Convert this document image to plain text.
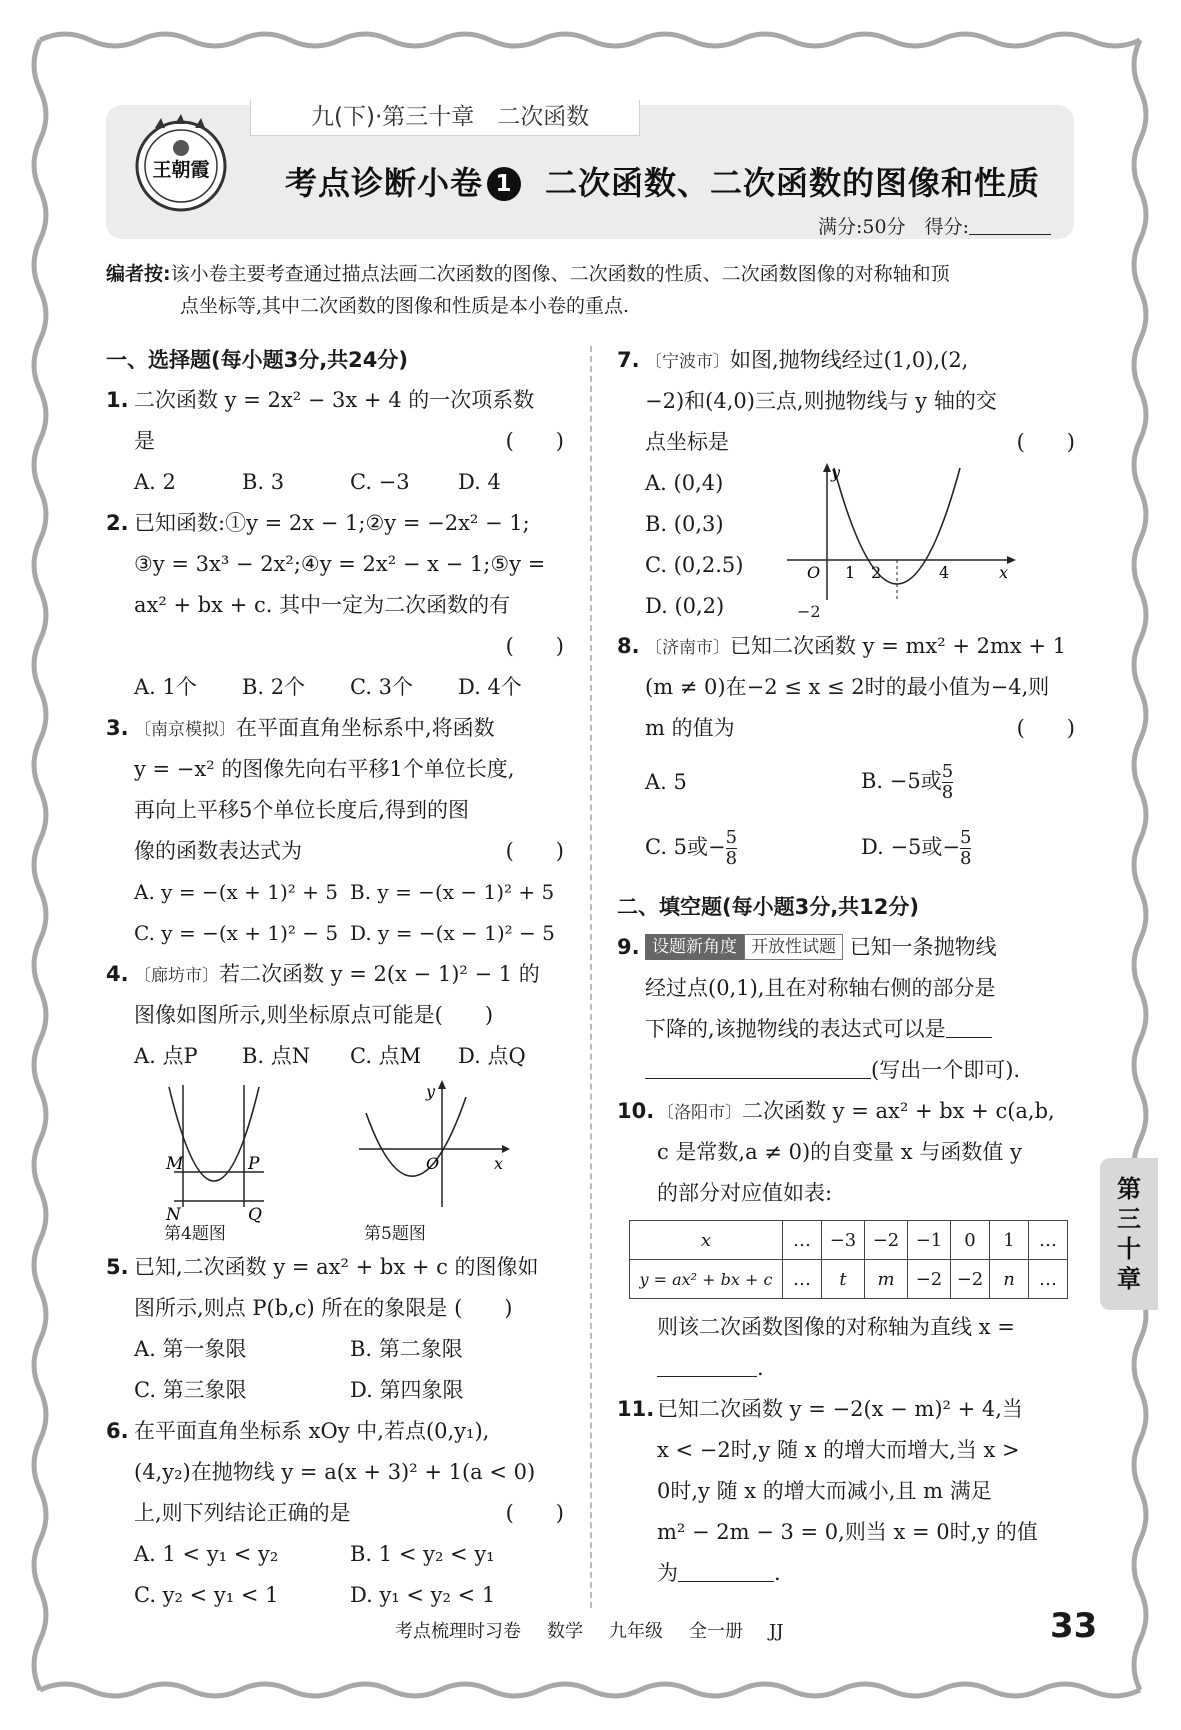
九(下)·第三十章　二次函数
王朝霞 考点诊断小卷 1 二次函数、二次函数的图像和性质
满分:50分　得分:
编者按:该小卷主要考查通过描点法画二次函数的图像、二次函数的性质、二次函数图像的对称轴和顶
点坐标等,其中二次函数的图像和性质是本小卷的重点.
一、选择题(每小题3分,共24分)
1. 二次函数 y = 2x² − 3x + 4 的一次项系数
是	(　　)
A. 2	B. 3	C. −3	D. 4
2. 已知函数:①y = 2x − 1;②y = −2x² − 1;
③y = 3x³ − 2x²;④y = 2x² − x − 1;⑤y =
ax² + bx + c. 其中一定为二次函数的有
(　　)
A. 1个	B. 2个	C. 3个	D. 4个
3. 〔南京模拟〕在平面直角坐标系中,将函数
y = −x² 的图像先向右平移1个单位长度,
再向上平移5个单位长度后,得到的图
像的函数表达式为	(　　)
A. y = −(x + 1)² + 5 B. y = −(x − 1)² + 5
C. y = −(x + 1)² − 5 D. y = −(x − 1)² − 5
4. 〔廊坊市〕若二次函数 y = 2(x − 1)² − 1 的
图像如图所示,则坐标原点可能是(　　)
A. 点P	B. 点N	C. 点M	D. 点Q
M	P
N	Q
第4题图
y
O	x
第5题图
5. 已知,二次函数 y = ax² + bx + c 的图像如
图所示,则点 P(b,c) 所在的象限是 (　　)
A. 第一象限	B. 第二象限
C. 第三象限	D. 第四象限
6. 在平面直角坐标系 xOy 中,若点(0,y₁),
(4,y₂)在抛物线 y = a(x + 3)² + 1(a < 0)
上,则下列结论正确的是	(　　)
A. 1 < y₁ < y₂	B. 1 < y₂ < y₁
C. y₂ < y₁ < 1	D. y₁ < y₂ < 1
7. 〔宁波市〕如图,抛物线经过(1,0),(2,
−2)和(4,0)三点,则抛物线与 y 轴的交
点坐标是	(　　)
A. (0,4)
B. (0,3)
C. (0,2.5)
D. (0,2)
y
O 1 2	4	x
−2
8. 〔济南市〕已知二次函数 y = mx² + 2mx + 1
(m ≠ 0)在−2 ≤ x ≤ 2时的最小值为−4,则
m 的值为	(　　)
A. 5	B. −5或$\frac{5}{8}$
C. 5或$-\frac{5}{8}$	D. −5或$-\frac{5}{8}$
二、填空题(每小题3分,共12分)
9. 设题新角度 开放性试题 已知一条抛物线
经过点(0,1),且在对称轴右侧的部分是
下降的,该抛物线的表达式可以是
(写出一个即可).
10. 〔洛阳市〕二次函数 y = ax² + bx + c(a,b,
c 是常数,a ≠ 0)的自变量 x 与函数值 y
的部分对应值如表:
x	…	−3	−2	−1	0	1	…
y = ax² + bx + c	…	t	m	−2	−2	n	…
则该二次函数图像的对称轴为直线 x =
.
11. 已知二次函数 y = −2(x − m)² + 4,当
x < −2时,y 随 x 的增大而增大,当 x >
0时,y 随 x 的增大而减小,且 m 满足
m² − 2m − 3 = 0,则当 x = 0时,y 的值
为	.
第
三
十
章
考点梳理时习卷 数学 九年级 全一册 JJ	33
